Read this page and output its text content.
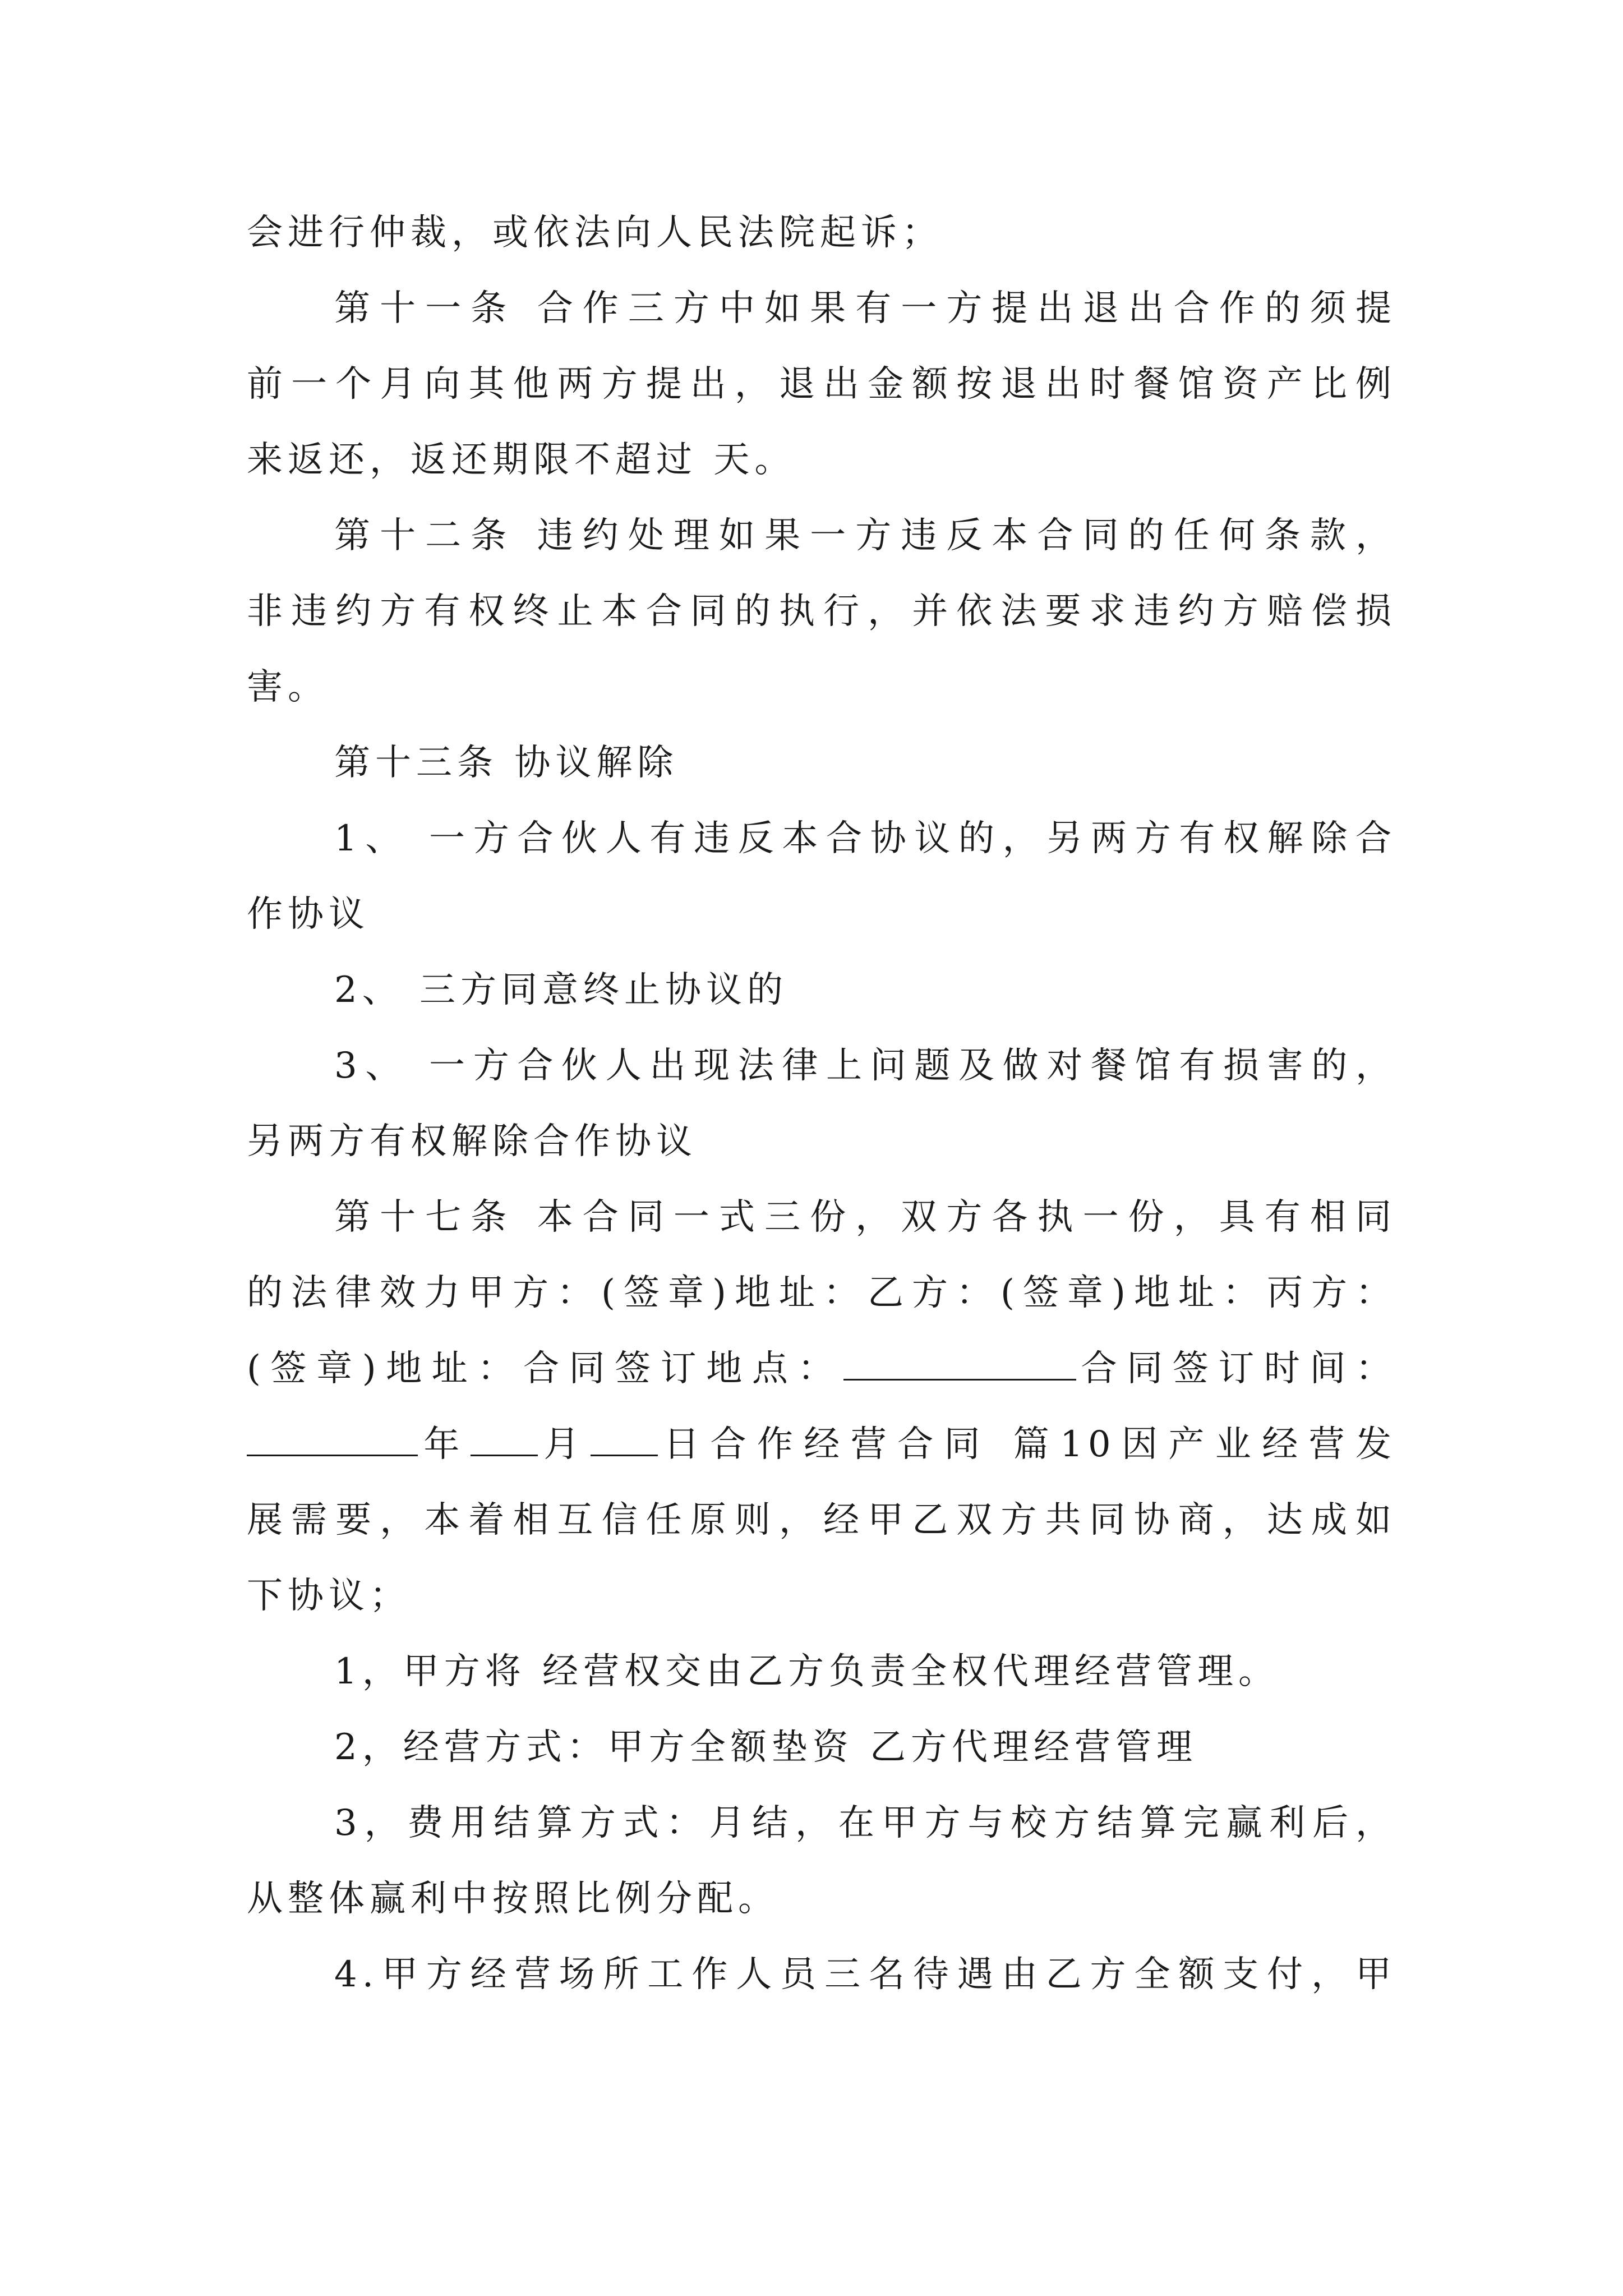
会进行仲裁，或依法向人民法院起诉；

第十一条 合作三方中如果有一方提出退出合作的须提

前一个月向其他两方提出，退出金额按退出时餐馆资产比例

来返还，返还期限不超过 天。

第十二条 违约处理如果一方违反本合同的任何条款，

非违约方有权终止本合同的执行，并依法要求违约方赔偿损

害。

第十三条 协议解除

1、 一方合伙人有违反本合协议的，另两方有权解除合

作协议

2、 三方同意终止协议的

3、 一方合伙人出现法律上问题及做对餐馆有损害的，

另两方有权解除合作协议

第十七条 本合同一式三份，双方各执一份，具有相同

的法律效力甲方：(签章)地址：乙方：(签章)地址：丙方：

(签章)地址：合同签订地点：	合同签订时间：

年 月 日合作经营合同 篇10因产业经营发

展需要，本着相互信任原则，经甲乙双方共同协商，达成如

下协议；

1，甲方将 经营权交由乙方负责全权代理经营管理。

2，经营方式：甲方全额垫资 乙方代理经营管理

3，费用结算方式：月结，在甲方与校方结算完赢利后，

从整体赢利中按照比例分配。

4.甲方经营场所工作人员三名待遇由乙方全额支付，甲
